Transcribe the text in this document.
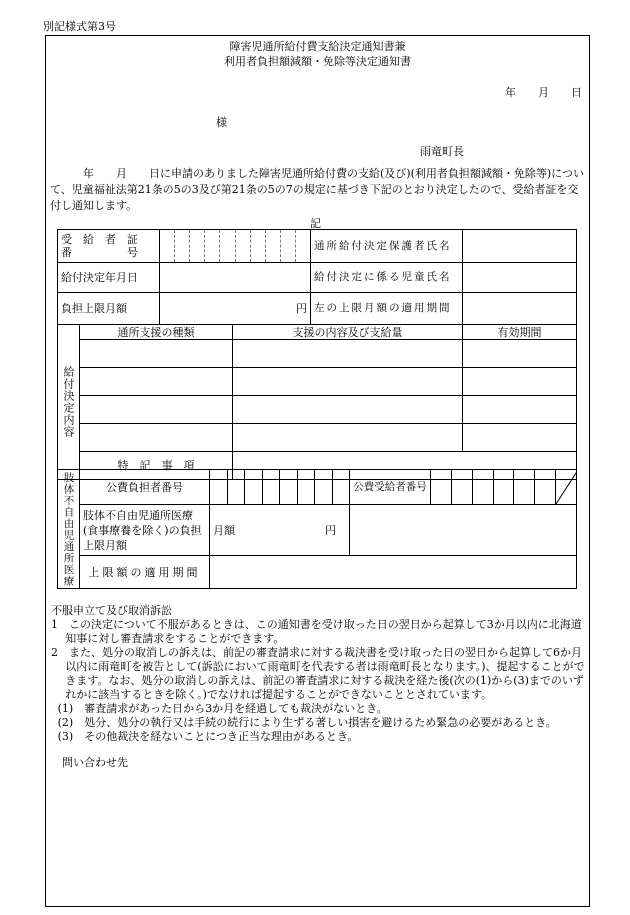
別記様式第3号
障害児通所給付費支給決定通知書兼
利用者負担額減額・免除等決定通知書
年　　月　　日
様
雨竜町長
　　年　　月　　日に申請のありました障害児通所給付費の支給(及び)(利用者負担額減額・免除等)について、児童福祉法第21条の5の3及び第21条の5の7の規定に基づき下記のとおり決定したので、受給者証を交付し通知します。
記
受　給　者　証
番　　　　　号				通所給付決定保護者氏名	
給付決定年月日				給付決定に係る児童氏名	
負担上限月額		円		左の上限月額の適用期間	
給付決定内容	通所支援の種類		支援の内容及び支給量		有効期間

	特　記　事　項				
肢体不自由児通所医療	公費負担者番号		公費受給者番号	

	肢体不自由児通所医療(食事療養を除く)の負担上限月額	月額 円		

	上限額の適用期間			

不服申立て及び取消訴訟

1　この決定について不服があるときは、この通知書を受け取った日の翌日から起算して3か月以内に北海道知事に対し審査請求をすることができます。

2　また、処分の取消しの訴えは、前記の審査請求に対する裁決書を受け取った日の翌日から起算して6か月以内に雨竜町を被告として(訴訟において雨竜町を代表する者は雨竜町長となります。)、提起することができます。なお、処分の取消しの訴えは、前記の審査請求に対する裁決を経た後(次の(1)から(3)までのいずれかに該当するときを除く。)でなければ提起することができないこととされています。

(1)　審査請求があった日から3か月を経過しても裁決がないとき。

(2)　処分、処分の執行又は手続の続行により生ずる著しい損害を避けるため緊急の必要があるとき。

(3)　その他裁決を経ないことにつき正当な理由があるとき。

問い合わせ先
